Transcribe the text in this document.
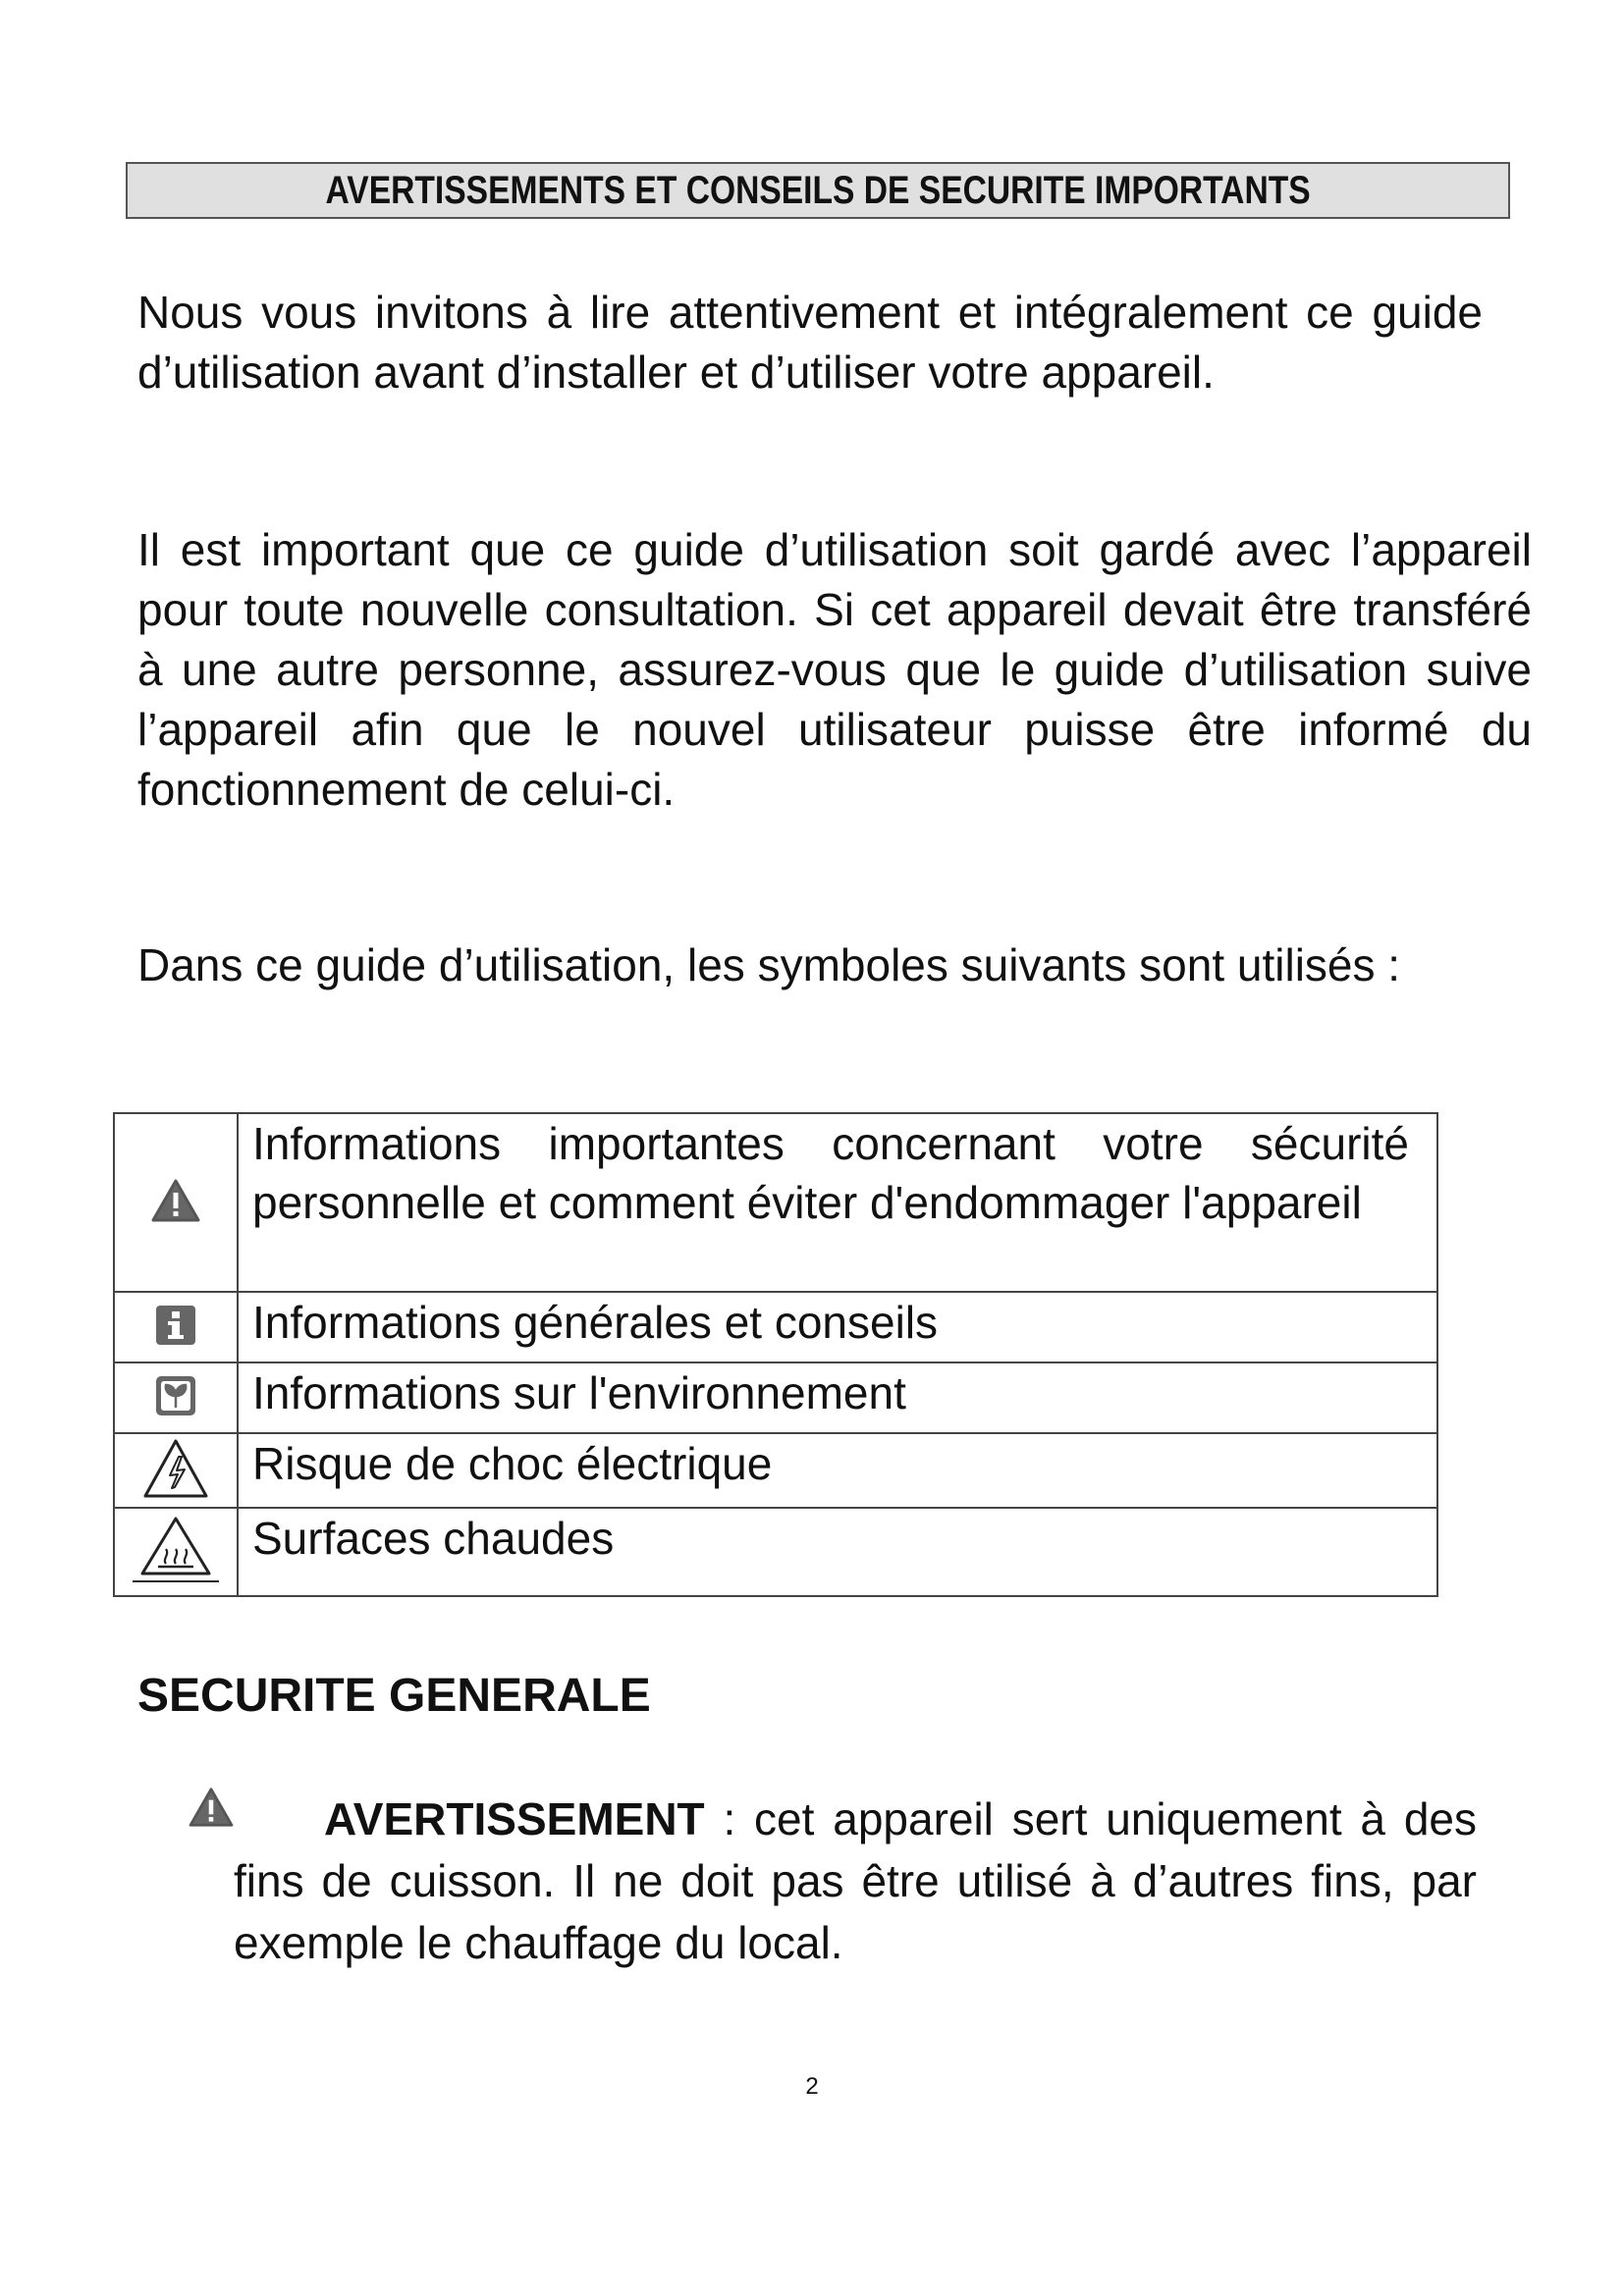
AVERTISSEMENTS ET CONSEILS DE SECURITE IMPORTANTS

Nous vous invitons à lire attentivement et intégralement ce guide d’utilisation avant d’installer et d’utiliser votre appareil.

Il est important que ce guide d’utilisation soit gardé avec l’appareil pour toute nouvelle consultation. Si cet appareil devait être transféré à une autre personne, assurez-vous que le guide d’utilisation suive l’appareil afin que le nouvel utilisateur puisse être informé du fonctionnement de celui-ci.

Dans ce guide d’utilisation, les symboles suivants sont utilisés :

	Informations importantes concernant votre sécurité personnelle et comment éviter d'endommager l'appareil
	Informations générales et conseils
	Informations sur l'environnement
	Risque de choc électrique
	Surfaces chaudes
SECURITE GENERALE

AVERTISSEMENT : cet appareil sert uniquement à des fins de cuisson. Il ne doit pas être utilisé à d’autres fins, par exemple le chauffage du local.

2
